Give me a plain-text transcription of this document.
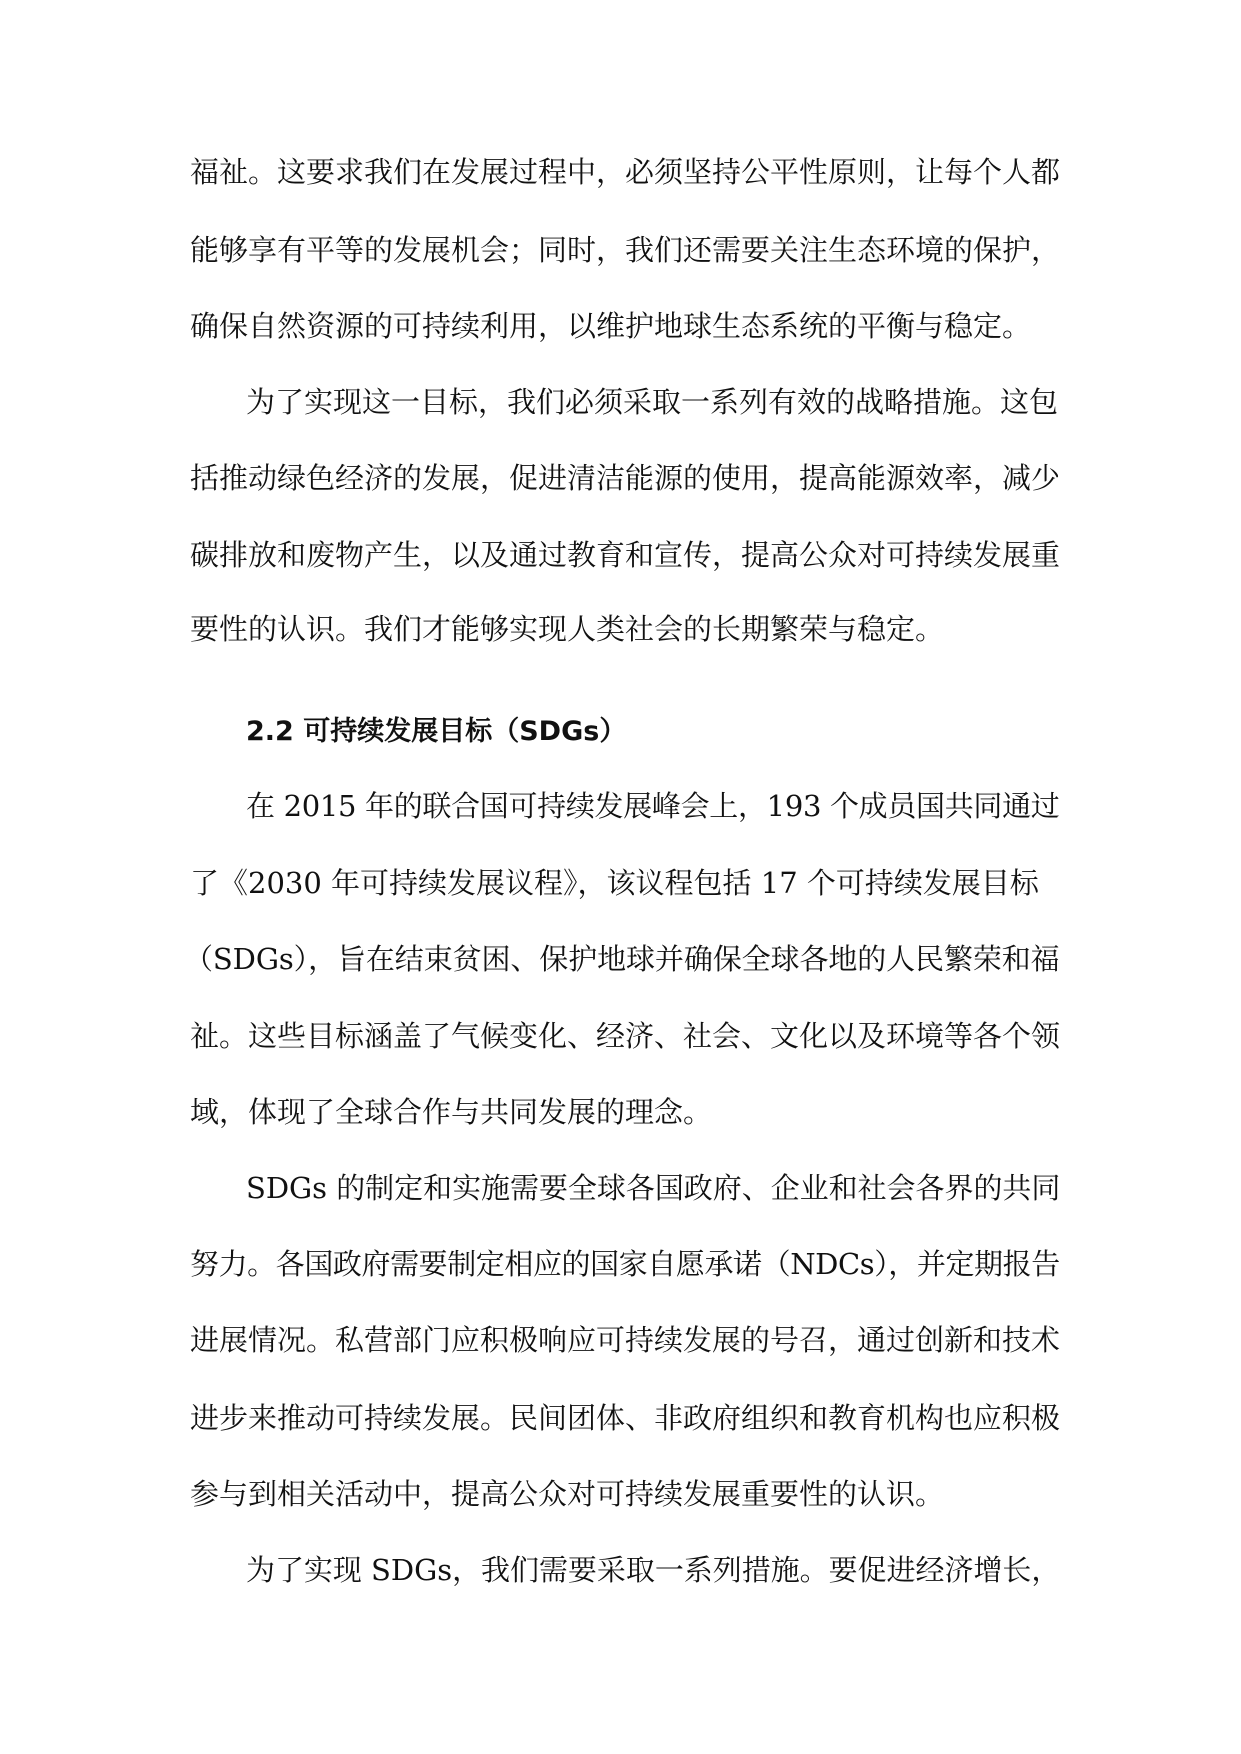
福祉。这要求我们在发展过程中，必须坚持公平性原则，让每个人都
能够享有平等的发展机会；同时，我们还需要关注生态环境的保护，
确保自然资源的可持续利用，以维护地球生态系统的平衡与稳定。
为了实现这一目标，我们必须采取一系列有效的战略措施。这包
括推动绿色经济的发展，促进清洁能源的使用，提高能源效率，减少
碳排放和废物产生，以及通过教育和宣传，提高公众对可持续发展重
要性的认识。我们才能够实现人类社会的长期繁荣与稳定。
2.2 可持续发展目标（SDGs）
在 2015 年的联合国可持续发展峰会上，193 个成员国共同通过
了《2030 年可持续发展议程》，该议程包括 17 个可持续发展目标
（SDGs），旨在结束贫困、保护地球并确保全球各地的人民繁荣和福
祉。这些目标涵盖了气候变化、经济、社会、文化以及环境等各个领
域，体现了全球合作与共同发展的理念。
SDGs 的制定和实施需要全球各国政府、企业和社会各界的共同
努力。各国政府需要制定相应的国家自愿承诺（NDCs），并定期报告
进展情况。私营部门应积极响应可持续发展的号召，通过创新和技术
进步来推动可持续发展。民间团体、非政府组织和教育机构也应积极
参与到相关活动中，提高公众对可持续发展重要性的认识。
为了实现 SDGs，我们需要采取一系列措施。要促进经济增长，
